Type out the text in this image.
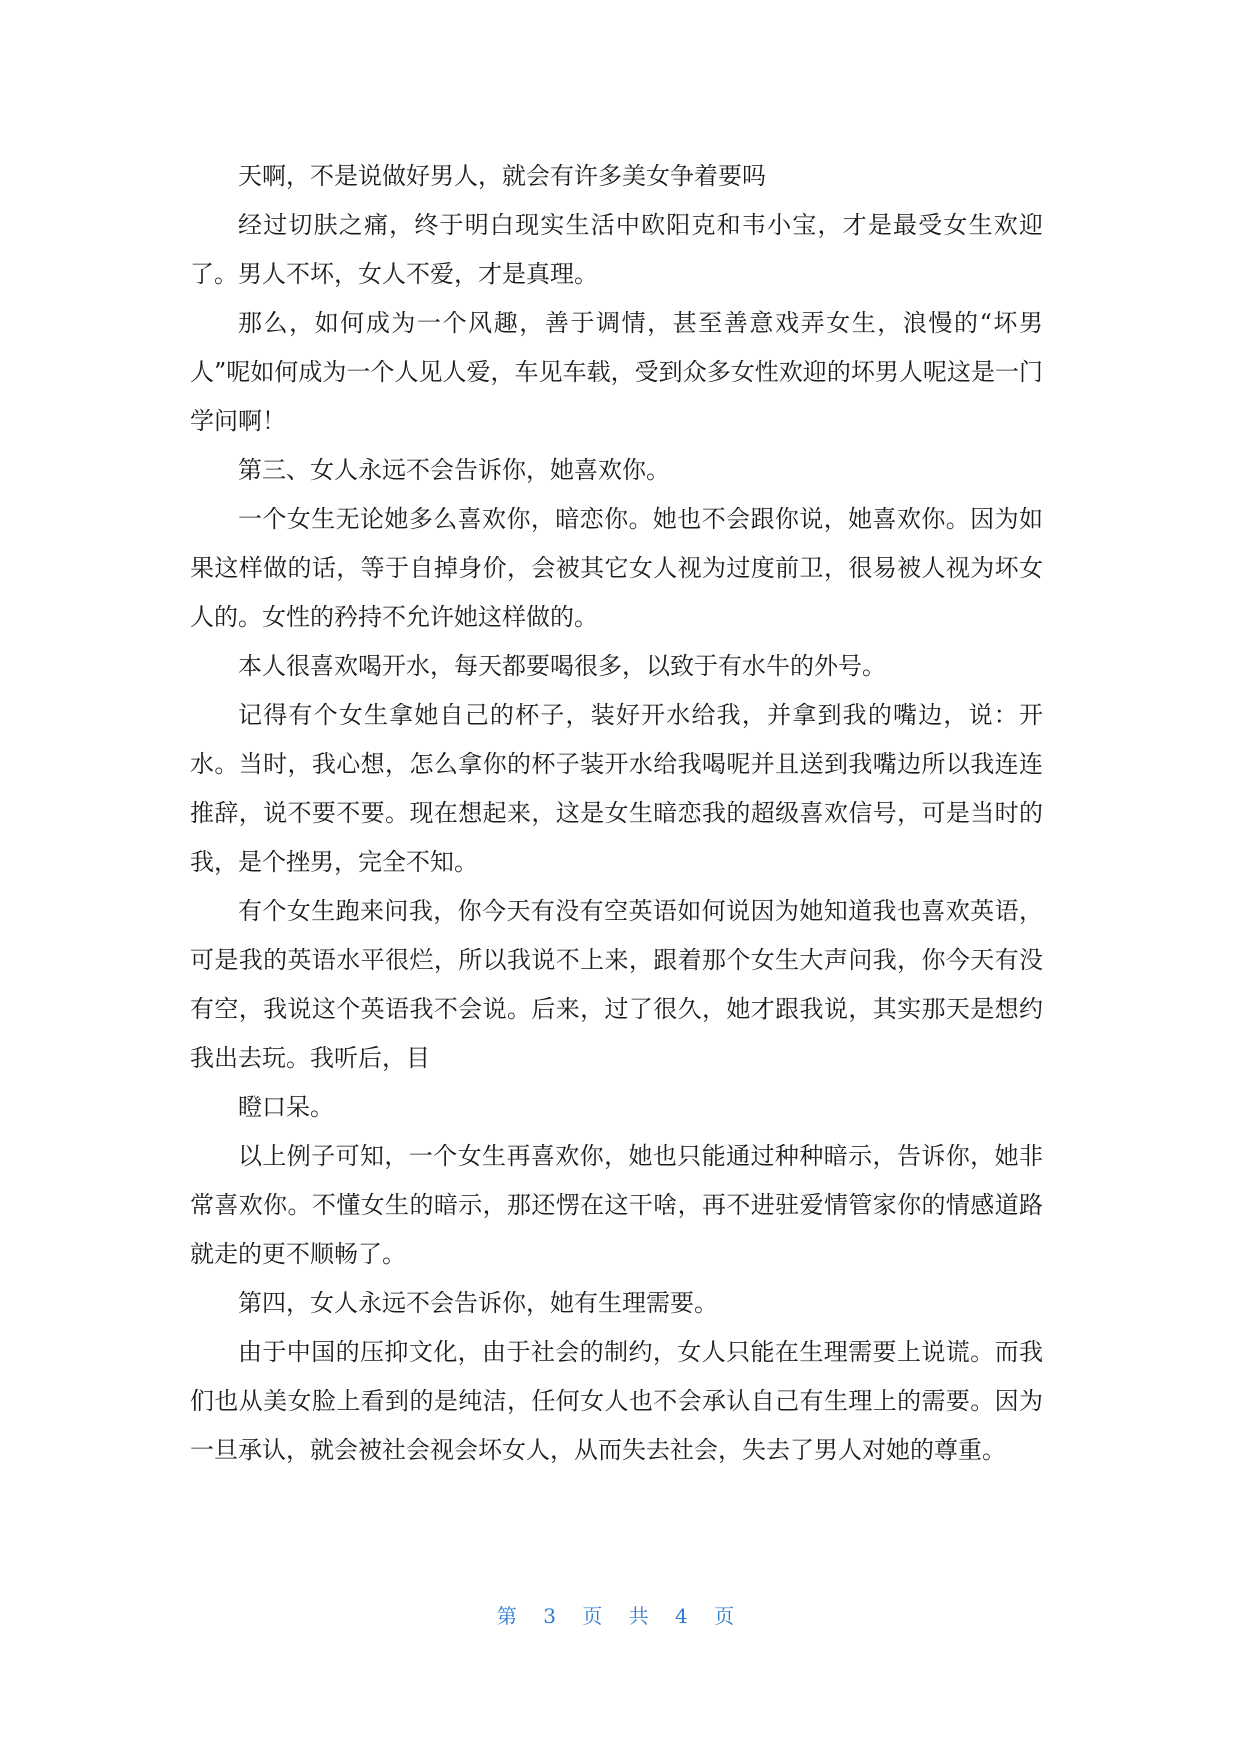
天啊，不是说做好男人，就会有许多美女争着要吗

经过切肤之痛，终于明白现实生活中欧阳克和韦小宝，才是最受女生欢迎了。男人不坏，女人不爱，才是真理。

那么，如何成为一个风趣，善于调情，甚至善意戏弄女生，浪慢的“坏男人”呢如何成为一个人见人爱，车见车载，受到众多女性欢迎的坏男人呢这是一门学问啊！

第三、女人永远不会告诉你，她喜欢你。

一个女生无论她多么喜欢你，暗恋你。她也不会跟你说，她喜欢你。因为如果这样做的话，等于自掉身价，会被其它女人视为过度前卫，很易被人视为坏女人的。女性的矜持不允许她这样做的。

本人很喜欢喝开水，每天都要喝很多，以致于有水牛的外号。

记得有个女生拿她自己的杯子，装好开水给我，并拿到我的嘴边，说：开水。当时，我心想，怎么拿你的杯子装开水给我喝呢并且送到我嘴边所以我连连推辞，说不要不要。现在想起来，这是女生暗恋我的超级喜欢信号，可是当时的我，是个挫男，完全不知。

有个女生跑来问我，你今天有没有空英语如何说因为她知道我也喜欢英语，可是我的英语水平很烂，所以我说不上来，跟着那个女生大声问我，你今天有没有空，我说这个英语我不会说。后来，过了很久，她才跟我说，其实那天是想约我出去玩。我听后，目

瞪口呆。

以上例子可知，一个女生再喜欢你，她也只能通过种种暗示，告诉你，她非常喜欢你。不懂女生的暗示，那还愣在这干啥，再不进驻爱情管家你的情感道路就走的更不顺畅了。

第四，女人永远不会告诉你，她有生理需要。

由于中国的压抑文化，由于社会的制约，女人只能在生理需要上说谎。而我们也从美女脸上看到的是纯洁，任何女人也不会承认自己有生理上的需要。因为一旦承认，就会被社会视会坏女人，从而失去社会，失去了男人对她的尊重。

第 3 页 共 4 页
